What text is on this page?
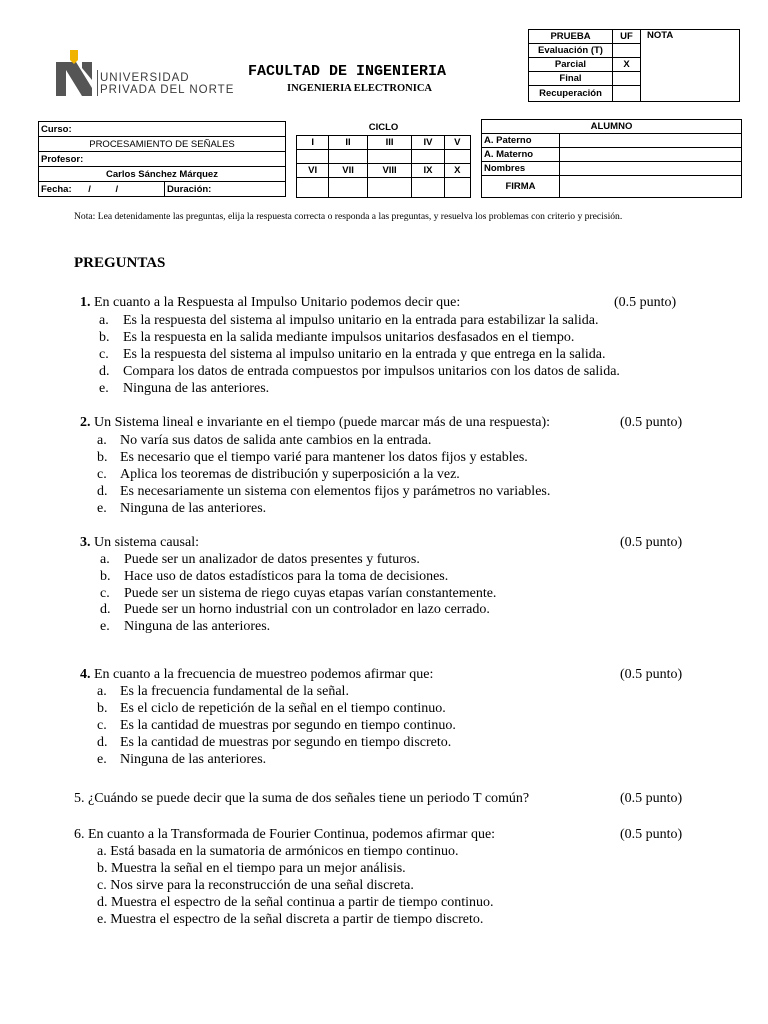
UNIVERSIDAD
PRIVADA DEL NORTE
FACULTAD DE INGENIERIA
INGENIERIA ELECTRONICA
PRUEBA	UF	NOTA
Evaluación (T)		
Parcial	X	
Final		
Recuperación		
Curso:
PROCESAMIENTO DE SEÑALES
Profesor:
Carlos Sánchez Márquez
Fecha: /	/	Duración:
CICLO				
I	II	III	IV	V

VI	VII	VIII	IX	X

ALUMNO	
A. Paterno	
A. Materno	
Nombres	
FIRMA	
Nota: Lea detenidamente las preguntas, elija la respuesta correcta o responda a las preguntas, y resuelva los problemas con criterio y precisión.
PREGUNTAS
1. En cuanto a la Respuesta al Impulso Unitario podemos decir que:	(0.5 punto)
a. Es la respuesta del sistema al impulso unitario en la entrada para estabilizar la salida.
b. Es la respuesta en la salida mediante impulsos unitarios desfasados en el tiempo.
c. Es la respuesta del sistema al impulso unitario en la entrada y que entrega en la salida.
d. Compara los datos de entrada compuestos por impulsos unitarios con los datos de salida.
e. Ninguna de las anteriores.
2. Un Sistema lineal e invariante en el tiempo (puede marcar más de una respuesta):	(0.5 punto)
a. No varía sus datos de salida ante cambios en la entrada.
b. Es necesario que el tiempo varié para mantener los datos fijos y estables.
c. Aplica los teoremas de distribución y superposición a la vez.
d. Es necesariamente un sistema con elementos fijos y parámetros no variables.
e. Ninguna de las anteriores.
3. Un sistema causal:	(0.5 punto)
a. Puede ser un analizador de datos presentes y futuros.
b. Hace uso de datos estadísticos para la toma de decisiones.
c. Puede ser un sistema de riego cuyas etapas varían constantemente.
d. Puede ser un horno industrial con un controlador en lazo cerrado.
e. Ninguna de las anteriores.
4. En cuanto a la frecuencia de muestreo podemos afirmar que:	(0.5 punto)
a. Es la frecuencia fundamental de la señal.
b. Es el ciclo de repetición de la señal en el tiempo continuo.
c. Es la cantidad de muestras por segundo en tiempo continuo.
d. Es la cantidad de muestras por segundo en tiempo discreto.
e. Ninguna de las anteriores.
5. ¿Cuándo se puede decir que la suma de dos señales tiene un periodo T común?	(0.5 punto)
6. En cuanto a la Transformada de Fourier Continua, podemos afirmar que:	(0.5 punto)
a. Está basada en la sumatoria de armónicos en tiempo continuo.
b. Muestra la señal en el tiempo para un mejor análisis.
c. Nos sirve para la reconstrucción de una señal discreta.
d. Muestra el espectro de la señal continua a partir de tiempo continuo.
e. Muestra el espectro de la señal discreta a partir de tiempo discreto.
